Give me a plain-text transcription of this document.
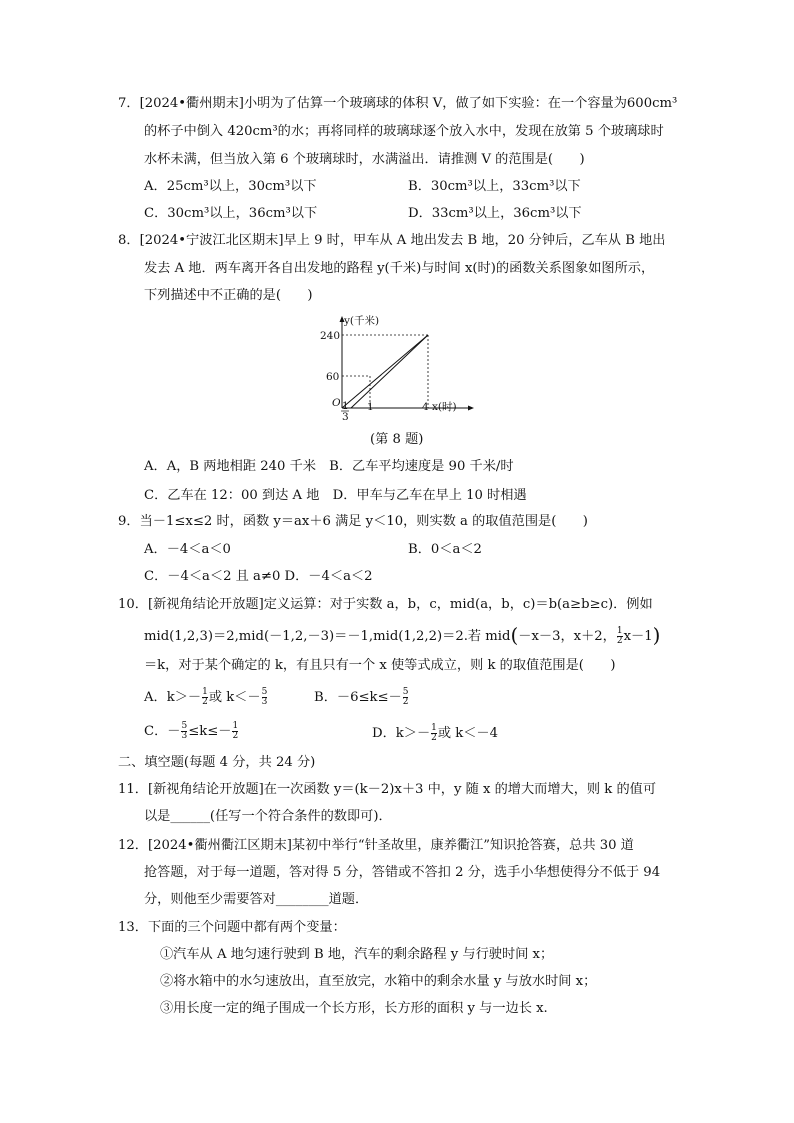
7．[2024•衢州期末]小明为了估算一个玻璃球的体积 V，做了如下实验：在一个容量为600cm³
的杯子中倒入 420cm³的水；再将同样的玻璃球逐个放入水中，发现在放第 5 个玻璃球时
水杯未满，但当放入第 6 个玻璃球时，水满溢出．请推测 V 的范围是(　　)
A．25cm³以上，30cm³以下	B．30cm³以上，33cm³以下
C．30cm³以上，36cm³以下	D．33cm³以上，36cm³以下
8．[2024•宁波江北区期末]早上 9 时，甲车从 A 地出发去 B 地，20 分钟后，乙车从 B 地出
发去 A 地．两车离开各自出发地的路程 y(千米)与时间 x(时)的函数关系图象如图所示，
下列描述中不正确的是(　　)
y(千米)
240
60
O 1
3
1	4 x(时)
(第 8 题)
A．A，B 两地相距 240 千米　B．乙车平均速度是 90 千米/时
C．乙车在 12：00 到达 A 地　D．甲车与乙车在早上 10 时相遇
9．当－1≤x≤2 时，函数 y＝ax＋6 满足 y＜10，则实数 a 的取值范围是(　　)
A．－4＜a＜0	B．0＜a＜2
C．－4＜a＜2 且 a≠0 D．－4＜a＜2
10．[新视角结论开放题]定义运算：对于实数 a，b，c，mid(a，b，c)＝b(a≥b≥c)．例如
mid(1,2,3)＝2,mid(－1,2,－3)＝－1,mid(1,2,2)＝2.若 mid(－x－3，x＋2， $\frac{1}{2} x-1$)
＝k，对于某个确定的 k，有且只有一个 x 使等式成立，则 k 的取值范围是(　　)
A．$k>- \frac{1}{2}$ 或 $k<- \frac{5}{3}$	B．$-6\le k\le- \frac{5}{2}$
C．－ $\frac{5}{3} \le k\le- \frac{1}{2}$	D．$k>- \frac{1}{2}$ 或 k＜－4
二、填空题(每题 4 分，共 24 分)
11．[新视角结论开放题]在一次函数 y＝(k－2)x＋3 中，y 随 x 的增大而增大，则 k 的值可
以是______(任写一个符合条件的数即可)．
12．[2024•衢州衢江区期末]某初中举行“针圣故里，康养衢江”知识抢答赛，总共 30 道
抢答题，对于每一道题，答对得 5 分，答错或不答扣 2 分，选手小华想使得分不低于 94
分，则他至少需要答对________道题．
13．下面的三个问题中都有两个变量：
①汽车从 A 地匀速行驶到 B 地，汽车的剩余路程 y 与行驶时间 x；
②将水箱中的水匀速放出，直至放完，水箱中的剩余水量 y 与放水时间 x；
③用长度一定的绳子围成一个长方形，长方形的面积 y 与一边长 x.
